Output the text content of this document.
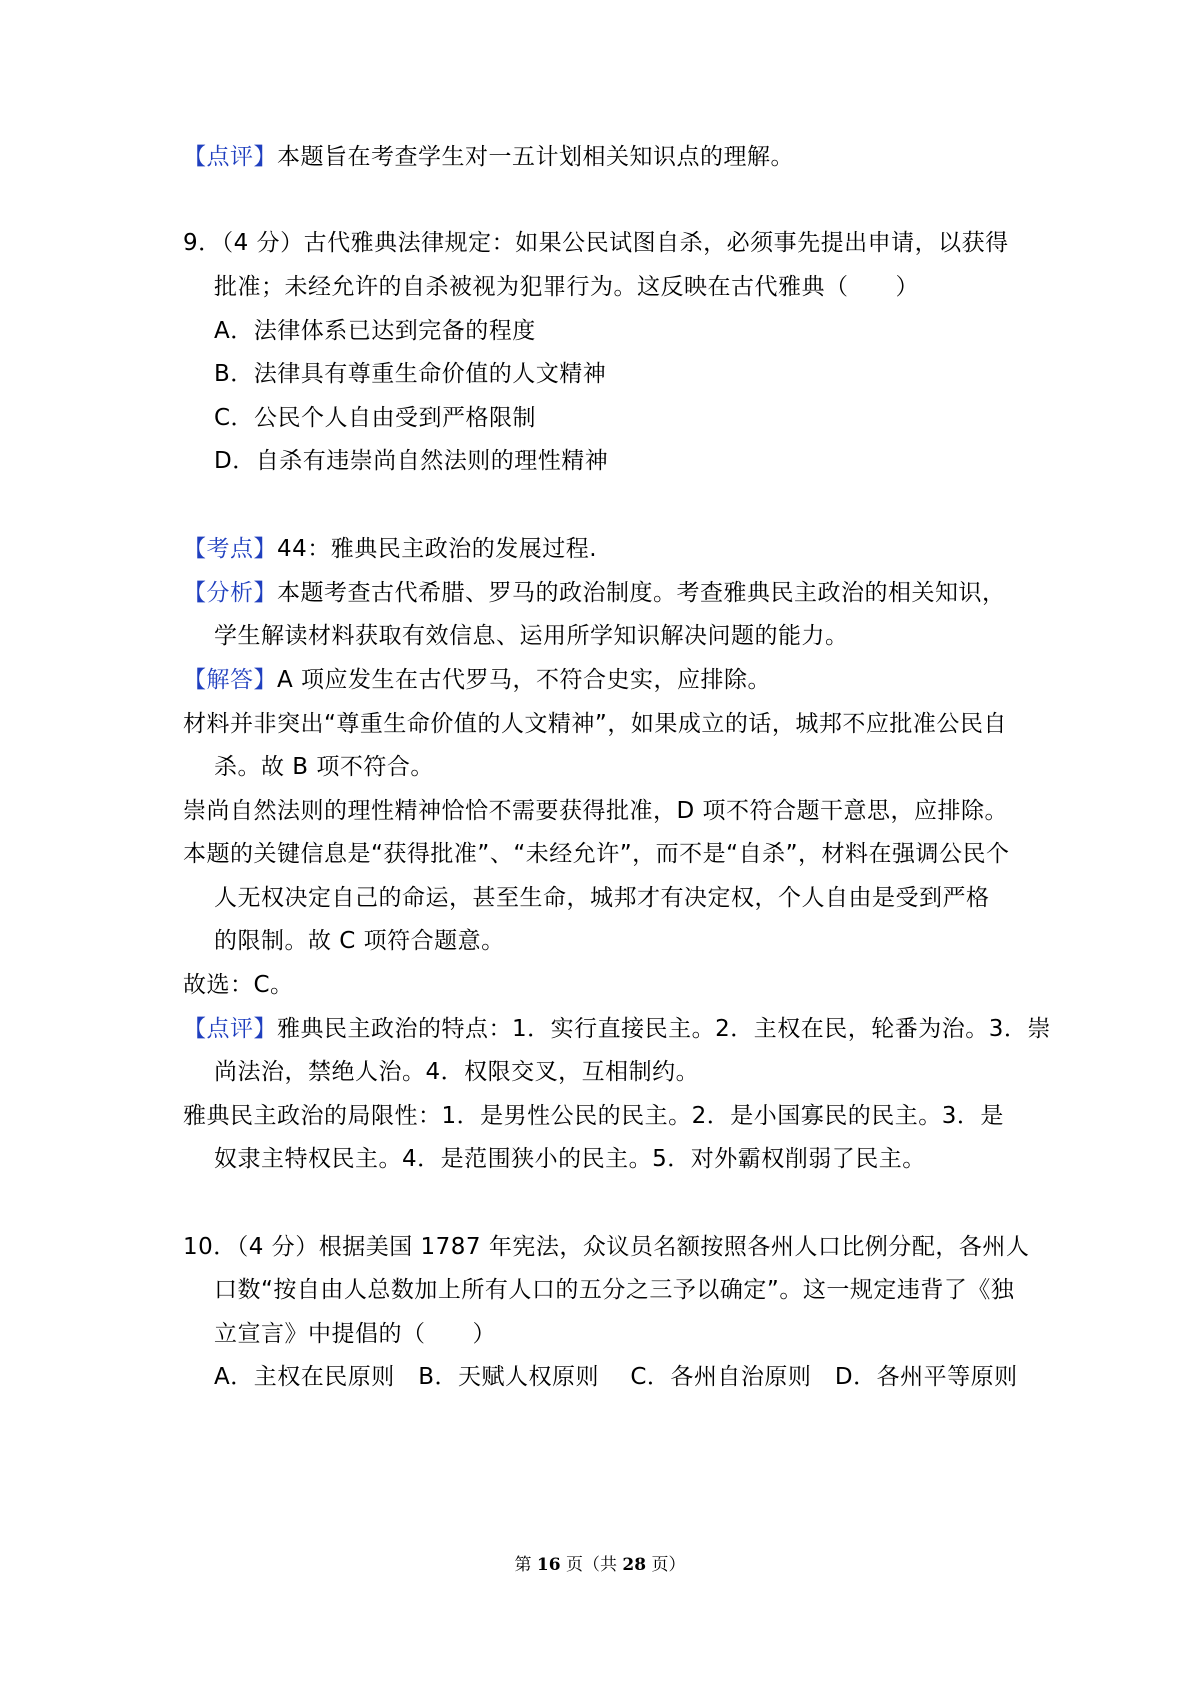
【点评】本题旨在考查学生对一五计划相关知识点的理解。
9．（4 分）古代雅典法律规定：如果公民试图自杀，必须事先提出申请，以获得
批准；未经允许的自杀被视为犯罪行为。这反映在古代雅典（　　）
A．法律体系已达到完备的程度
B．法律具有尊重生命价值的人文精神
C．公民个人自由受到严格限制
D．自杀有违崇尚自然法则的理性精神
【考点】44：雅典民主政治的发展过程.
【分析】本题考查古代希腊、罗马的政治制度。考查雅典民主政治的相关知识，
学生解读材料获取有效信息、运用所学知识解决问题的能力。
【解答】A 项应发生在古代罗马，不符合史实，应排除。
材料并非突出“尊重生命价值的人文精神”，如果成立的话，城邦不应批准公民自
杀。故 B 项不符合。
崇尚自然法则的理性精神恰恰不需要获得批准，D 项不符合题干意思，应排除。
本题的关键信息是“获得批准”、“未经允许”，而不是“自杀”，材料在强调公民个
人无权决定自己的命运，甚至生命，城邦才有决定权，个人自由是受到严格
的限制。故 C 项符合题意。
故选：C。
【点评】雅典民主政治的特点：1．实行直接民主。2．主权在民，轮番为治。3．崇
尚法治，禁绝人治。4．权限交叉，互相制约。
雅典民主政治的局限性：1．是男性公民的民主。2．是小国寡民的民主。3．是
奴隶主特权民主。4．是范围狭小的民主。5．对外霸权削弱了民主。
10．（4 分）根据美国 1787 年宪法，众议员名额按照各州人口比例分配，各州人
口数“按自由人总数加上所有人口的五分之三予以确定”。这一规定违背了《独
立宣言》中提倡的（　　）
A．主权在民原则　B．天赋人权原则　 C．各州自治原则　D．各州平等原则
第 16 页（共 28 页）
